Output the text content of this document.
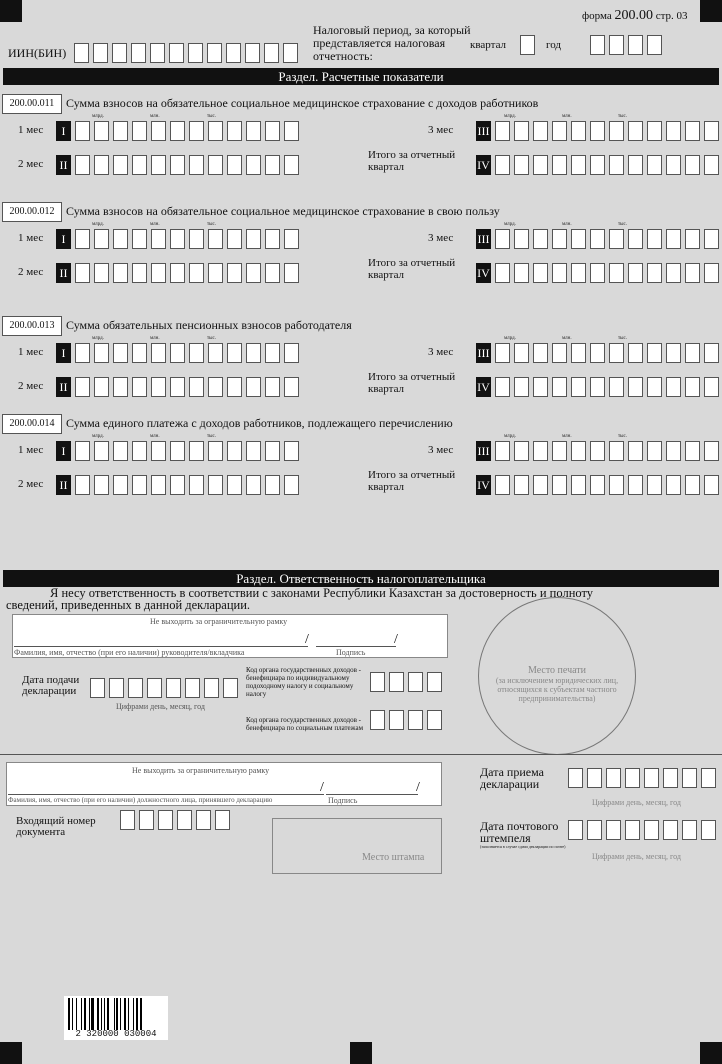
форма 200.00 стр. 03
ИИН(БИН)
Налоговый период, за который представляется налоговая отчетность:
квартал	год
Раздел. Расчетные показатели
200.00.011 Сумма взносов на обязательное социальное медицинское страхование с доходов работников
1 мес	I
млрд.	млн.	тыс.
2 мес II
3 мес III
млрд.	млн.	тыс.
Итого за отчетный квартал	IV
200.00.012 Сумма взносов на обязательное социальное медицинское страхование в свою пользу
1 мес	I
млрд.	млн.	тыс.
2 мес II
3 мес III
млрд.	млн.	тыс.
Итого за отчетный квартал	IV
200.00.013 Сумма обязательных пенсионных взносов работодателя
1 мес	I
млрд.	млн.	тыс.
2 мес II
3 мес III
млрд.	млн.	тыс.
Итого за отчетный квартал	IV
200.00.014 Сумма единого платежа с доходов работников, подлежащего перечислению
1 мес	I
млрд.	млн.	тыс.
2 мес II
3 мес III
млрд.	млн.	тыс.
Итого за отчетный квартал	IV
Раздел. Ответственность налогоплательщика
Я несу ответственность в соответствии с законами Республики Казахстан за достоверность и полноту сведений, приведенных в данной декларации.
Не выходить за ограничительную рамку
/	/
Фамилия, имя, отчество (при его наличии) руководителя/вкладчика	Подпись
Дата подачи декларации
Цифрами день, месяц, год
Код органа государственных доходов - бенефициара по индивидуальному подоходному налогу и социальному налогу
Код органа государственных доходов - бенефициара по социальным платежам
Место печати
(за исключением юридических лиц, относящихся к субъектам частного предпринимательства)
Не выходить за ограничительную рамку
/	/
Фамилия, имя, отчество (при его наличии) должностного лица, принявшего декларацию	Подпись
Входящий номер документа
Место штампа
Дата приема декларации
Цифрами день, месяц, год
Дата почтового штемпеля
(заполняется в случае сдачи декларации по почте)
Цифрами день, месяц, год
2 320000 030004
